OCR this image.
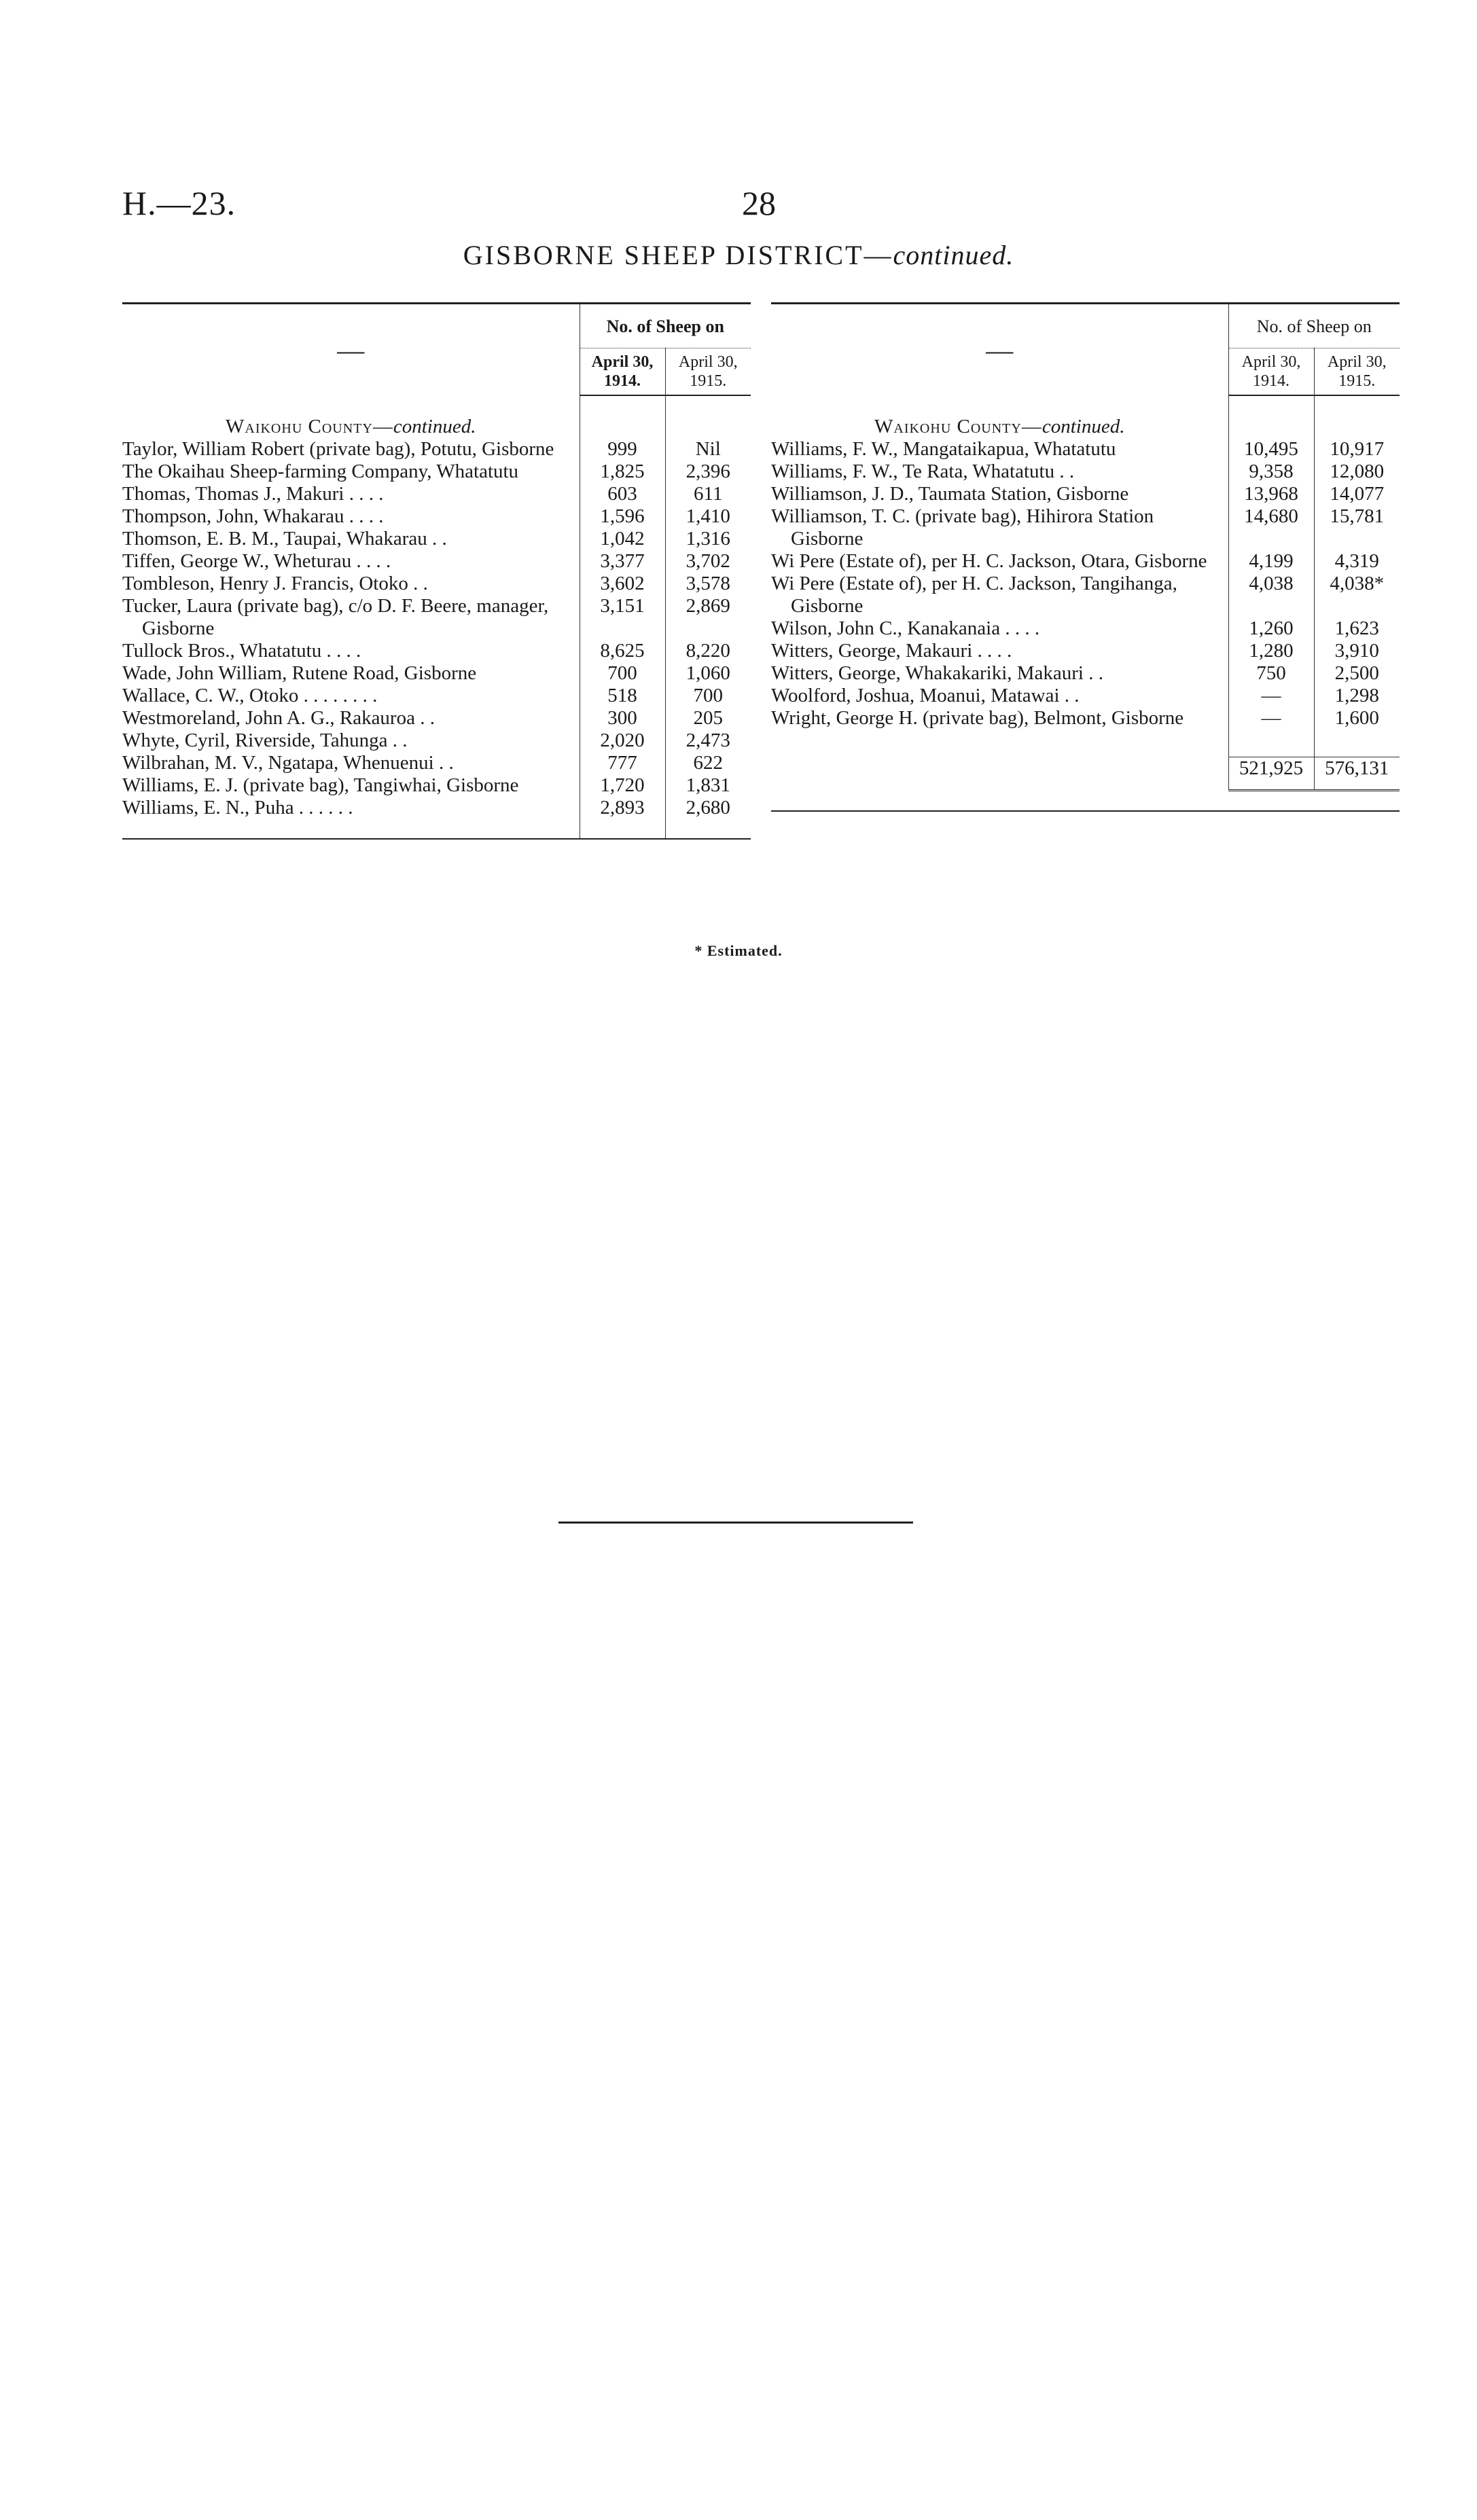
H.—23.	28
GISBORNE SHEEP DISTRICT—continued.
—	No. of Sheep on	
	April 30, 1914.	April 30, 1915.
Waikohu County—continued.		
Taylor, William Robert (private bag), Potutu, Gisborne	999	Nil
The Okaihau Sheep-farming Company, Whatatutu	1,825	2,396
Thomas, Thomas J., Makuri . . . .	603	611
Thompson, John, Whakarau . . . .	1,596	1,410
Thomson, E. B. M., Taupai, Whakarau . .	1,042	1,316
Tiffen, George W., Wheturau . . . .	3,377	3,702
Tombleson, Henry J. Francis, Otoko . .	3,602	3,578
Tucker, Laura (private bag), c/o D. F. Beere, manager, Gisborne	3,151	2,869
Tullock Bros., Whatatutu . . . .	8,625	8,220
Wade, John William, Rutene Road, Gisborne	700	1,060
Wallace, C. W., Otoko . . . . . . . .	518	700
Westmoreland, John A. G., Rakauroa . .	300	205
Whyte, Cyril, Riverside, Tahunga . .	2,020	2,473
Wilbrahan, M. V., Ngatapa, Whenuenui . .	777	622
Williams, E. J. (private bag), Tangiwhai, Gisborne	1,720	1,831
Williams, E. N., Puha . . . . . .	2,893	2,680
—	No. of Sheep on	
	April 30, 1914.	April 30, 1915.
Waikohu County—continued.		
Williams, F. W., Mangataikapua, Whatatutu	10,495	10,917
Williams, F. W., Te Rata, Whatatutu . .	9,358	12,080
Williamson, J. D., Taumata Station, Gisborne	13,968	14,077
Williamson, T. C. (private bag), Hihirora Station Gisborne	14,680	15,781
Wi Pere (Estate of), per H. C. Jackson, Otara, Gisborne	4,199	4,319
Wi Pere (Estate of), per H. C. Jackson, Tangihanga, Gisborne	4,038	4,038*
Wilson, John C., Kanakanaia . . . .	1,260	1,623
Witters, George, Makauri . . . .	1,280	3,910
Witters, George, Whakakariki, Makauri . .	750	2,500
Woolford, Joshua, Moanui, Matawai . .	—	1,298
Wright, George H. (private bag), Belmont, Gisborne	—	1,600

	521,925	576,131

* Estimated.
